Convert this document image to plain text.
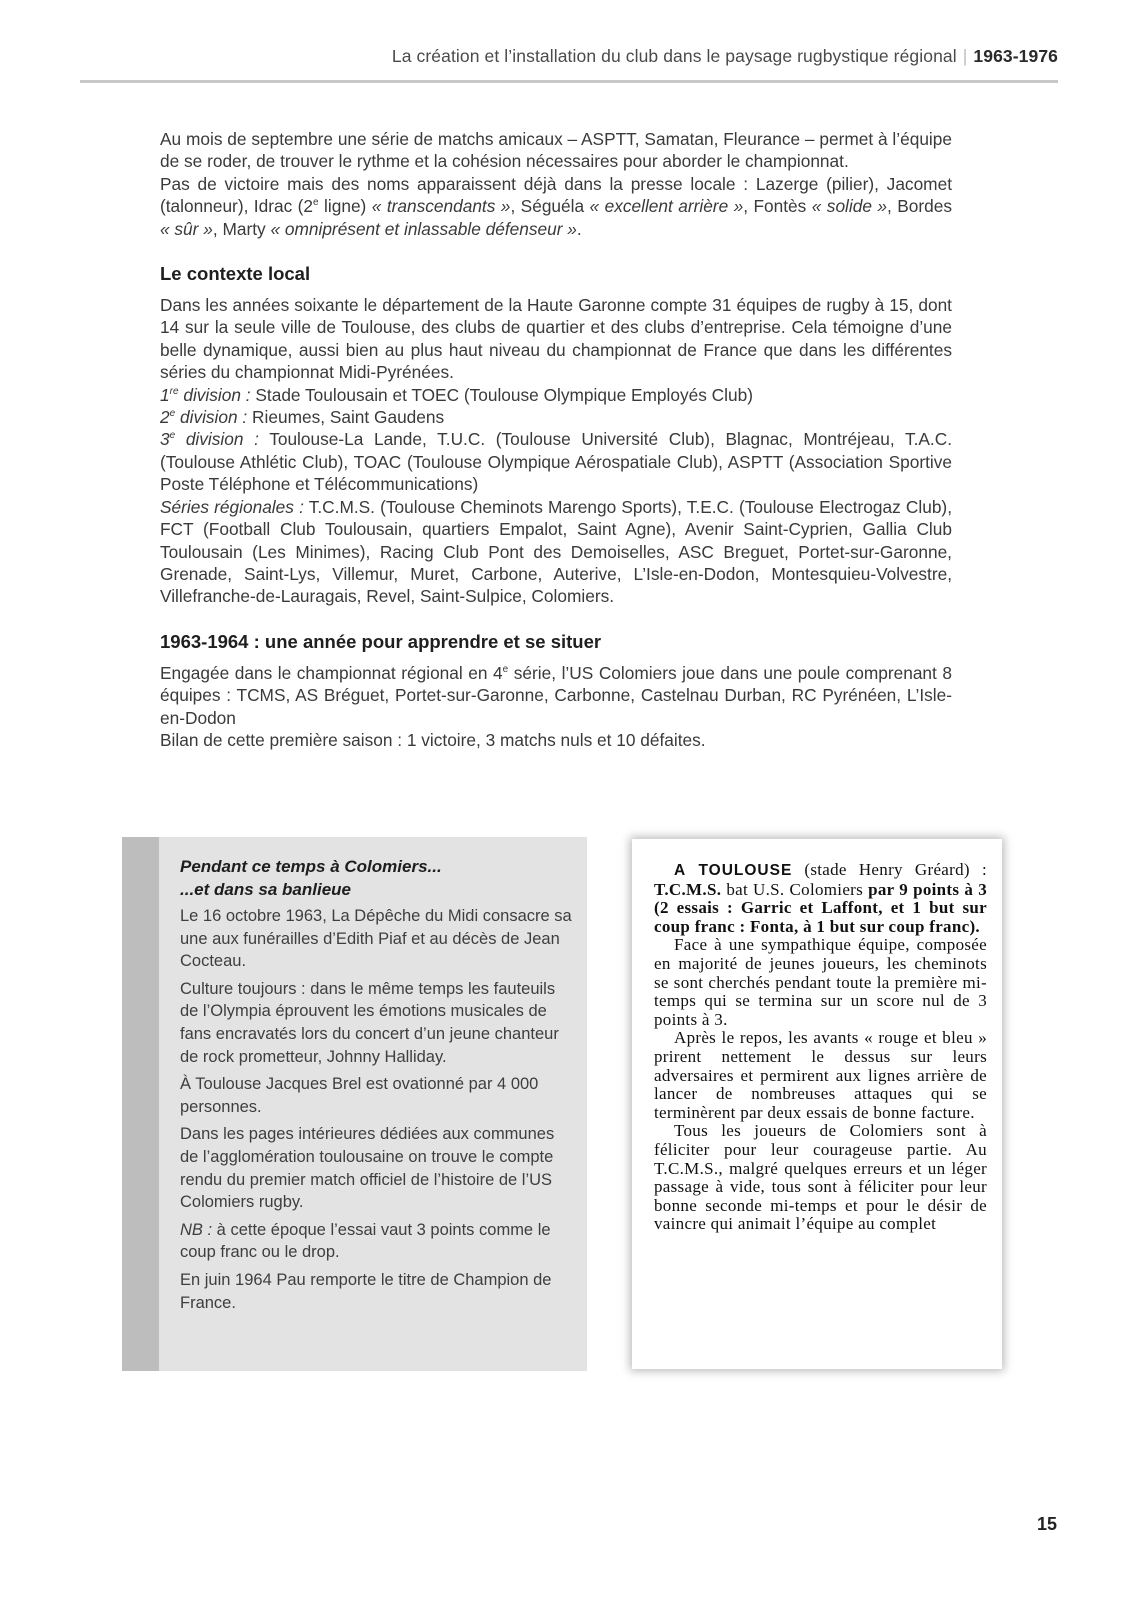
La création et l’installation du club dans le paysage rugbystique régional | 1963-1976

Au mois de septembre une série de matchs amicaux – ASPTT, Samatan, Fleurance – permet à l’équipe de se roder, de trouver le rythme et la cohésion nécessaires pour aborder le championnat.

Pas de victoire mais des noms apparaissent déjà dans la presse locale : Lazerge (pilier), Jacomet (talonneur), Idrac (2e ligne) « transcendants », Séguéla « excellent arrière », Fontès « solide », Bordes « sûr », Marty « omniprésent et inlassable défenseur ».

Le contexte local

Dans les années soixante le département de la Haute Garonne compte 31 équipes de rugby à 15, dont 14 sur la seule ville de Toulouse, des clubs de quartier et des clubs d’entreprise. Cela témoigne d’une belle dynamique, aussi bien au plus haut niveau du championnat de France que dans les différentes séries du championnat Midi-Pyrénées.

1re division : Stade Toulousain et TOEC (Toulouse Olympique Employés Club)

2e division : Rieumes, Saint Gaudens

3e division : Toulouse-La Lande, T.U.C. (Toulouse Université Club), Blagnac, Montréjeau, T.A.C. (Toulouse Athlétic Club), TOAC (Toulouse Olympique Aérospatiale Club), ASPTT (Association Sportive Poste Téléphone et Télécommunications)

Séries régionales : T.C.M.S. (Toulouse Cheminots Marengo Sports), T.E.C. (Toulouse Electrogaz Club), FCT (Football Club Toulousain, quartiers Empalot, Saint Agne), Avenir Saint-Cyprien, Gallia Club Toulousain (Les Minimes), Racing Club Pont des Demoiselles, ASC Breguet, Portet-sur-Garonne, Grenade, Saint-Lys, Villemur, Muret, Carbone, Auterive, L’Isle-en-Dodon, Montesquieu-Volvestre, Villefranche-de-Lauragais, Revel, Saint-Sulpice, Colomiers.

1963-1964 : une année pour apprendre et se situer

Engagée dans le championnat régional en 4e série, l’US Colomiers joue dans une poule comprenant 8 équipes : TCMS, AS Bréguet, Portet-sur-Garonne, Carbonne, Castelnau Durban, RC Pyrénéen, L’Isle-en-Dodon

Bilan de cette première saison : 1 victoire, 3 matchs nuls et 10 défaites.

Pendant ce temps à Colomiers...
...et dans sa banlieue

Le 16 octobre 1963, La Dépêche du Midi consacre sa une aux funérailles d’Edith Piaf et au décès de Jean Cocteau.

Culture toujours : dans le même temps les fauteuils de l’Olympia éprouvent les émotions musicales de fans encravatés lors du concert d’un jeune chanteur de rock prometteur, Johnny Halliday.

À Toulouse Jacques Brel est ovationné par 4 000 personnes.

Dans les pages intérieures dédiées aux communes de l’agglomération toulousaine on trouve le compte rendu du premier match officiel de l’histoire de l’US Colomiers rugby.

NB : à cette époque l’essai vaut 3 points comme le coup franc ou le drop.

En juin 1964 Pau remporte le titre de Champion de France.

A TOULOUSE (stade Henry Gréard) : T.C.M.S. bat U.S. Colomiers par 9 points à 3 (2 essais : Garric et Laffont, et 1 but sur coup franc : Fonta, à 1 but sur coup franc).

Face à une sympathique équipe, composée en majorité de jeunes joueurs, les cheminots se sont cherchés pendant toute la première mi-temps qui se termina sur un score nul de 3 points à 3.

Après le repos, les avants « rouge et bleu » prirent nettement le dessus sur leurs adversaires et permirent aux lignes arrière de lancer de nombreuses attaques qui se terminèrent par deux essais de bonne facture.

Tous les joueurs de Colomiers sont à féliciter pour leur courageuse partie. Au T.C.M.S., malgré quelques erreurs et un léger passage à vide, tous sont à féliciter pour leur bonne seconde mi-temps et pour le désir de vaincre qui animait l’équipe au complet

15
